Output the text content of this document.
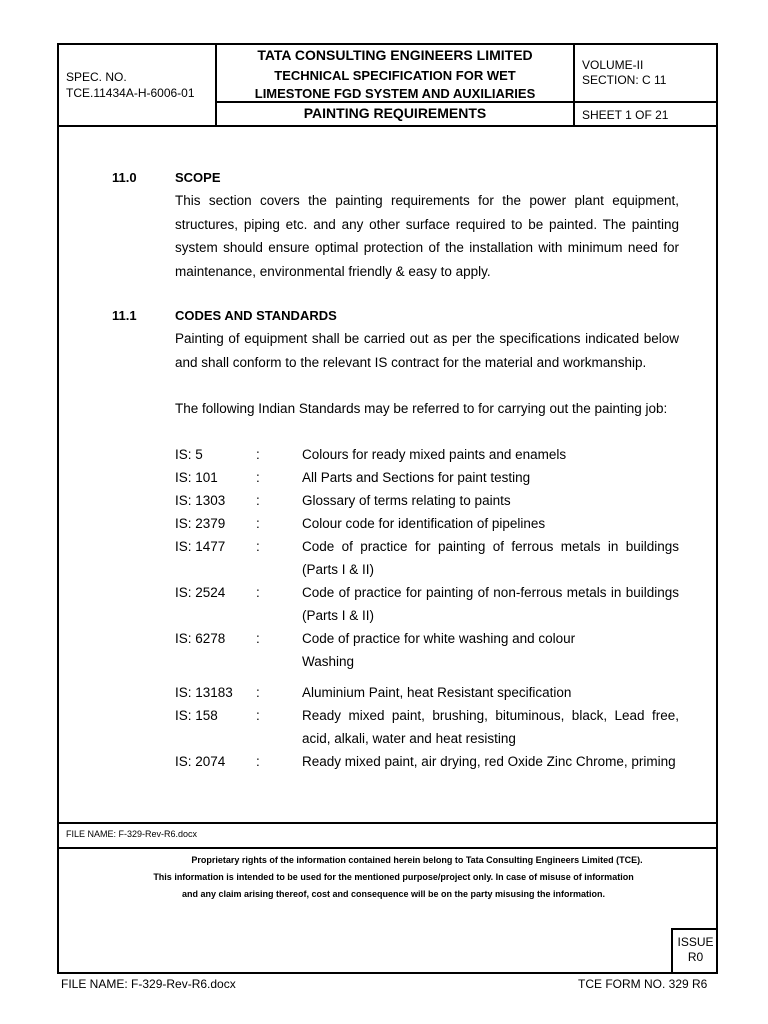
SPEC. NO.
TCE.11434A-H-6006-01
TATA CONSULTING ENGINEERS LIMITED
TECHNICAL SPECIFICATION FOR WET
LIMESTONE FGD SYSTEM AND AUXILIARIES
PAINTING REQUIREMENTS
VOLUME-II
SECTION: C 11
SHEET 1 OF 21
11.0	SCOPE
This section covers the painting requirements for the power plant equipment, structures, piping etc. and any other surface required to be painted. The painting system should ensure optimal protection of the installation with minimum need for maintenance, environmental friendly & easy to apply.
11.1	CODES AND STANDARDS
Painting of equipment shall be carried out as per the specifications indicated below and shall conform to the relevant IS contract for the material and workmanship.
The following Indian Standards may be referred to for carrying out the painting job:
IS: 5	:	Colours for ready mixed paints and enamels
IS: 101	:	All Parts and Sections for paint testing
IS: 1303 :	Glossary of terms relating to paints
IS: 2379 :	Colour code for identification of pipelines
IS: 1477 :	Code of practice for painting of ferrous metals in buildings (Parts I & II)
IS: 2524 :	Code of practice for painting of non-ferrous metals in buildings (Parts I & II)
IS: 6278 :	Code of practice for white washing and colour
Washing
IS: 13183 :	Aluminium Paint, heat Resistant specification
IS: 158	:	Ready mixed paint, brushing, bituminous, black, Lead free, acid, alkali, water and heat resisting
IS: 2074 :	Ready mixed paint, air drying, red Oxide Zinc Chrome, priming
FILE NAME: F-329-Rev-R6.docx
Proprietary rights of the information contained herein belong to Tata Consulting Engineers Limited (TCE).
This information is intended to be used for the mentioned purpose/project only. In case of misuse of information
and any claim arising thereof, cost and consequence will be on the party misusing the information.
ISSUE
R0
FILE NAME: F-329-Rev-R6.docx	TCE FORM NO. 329 R6
